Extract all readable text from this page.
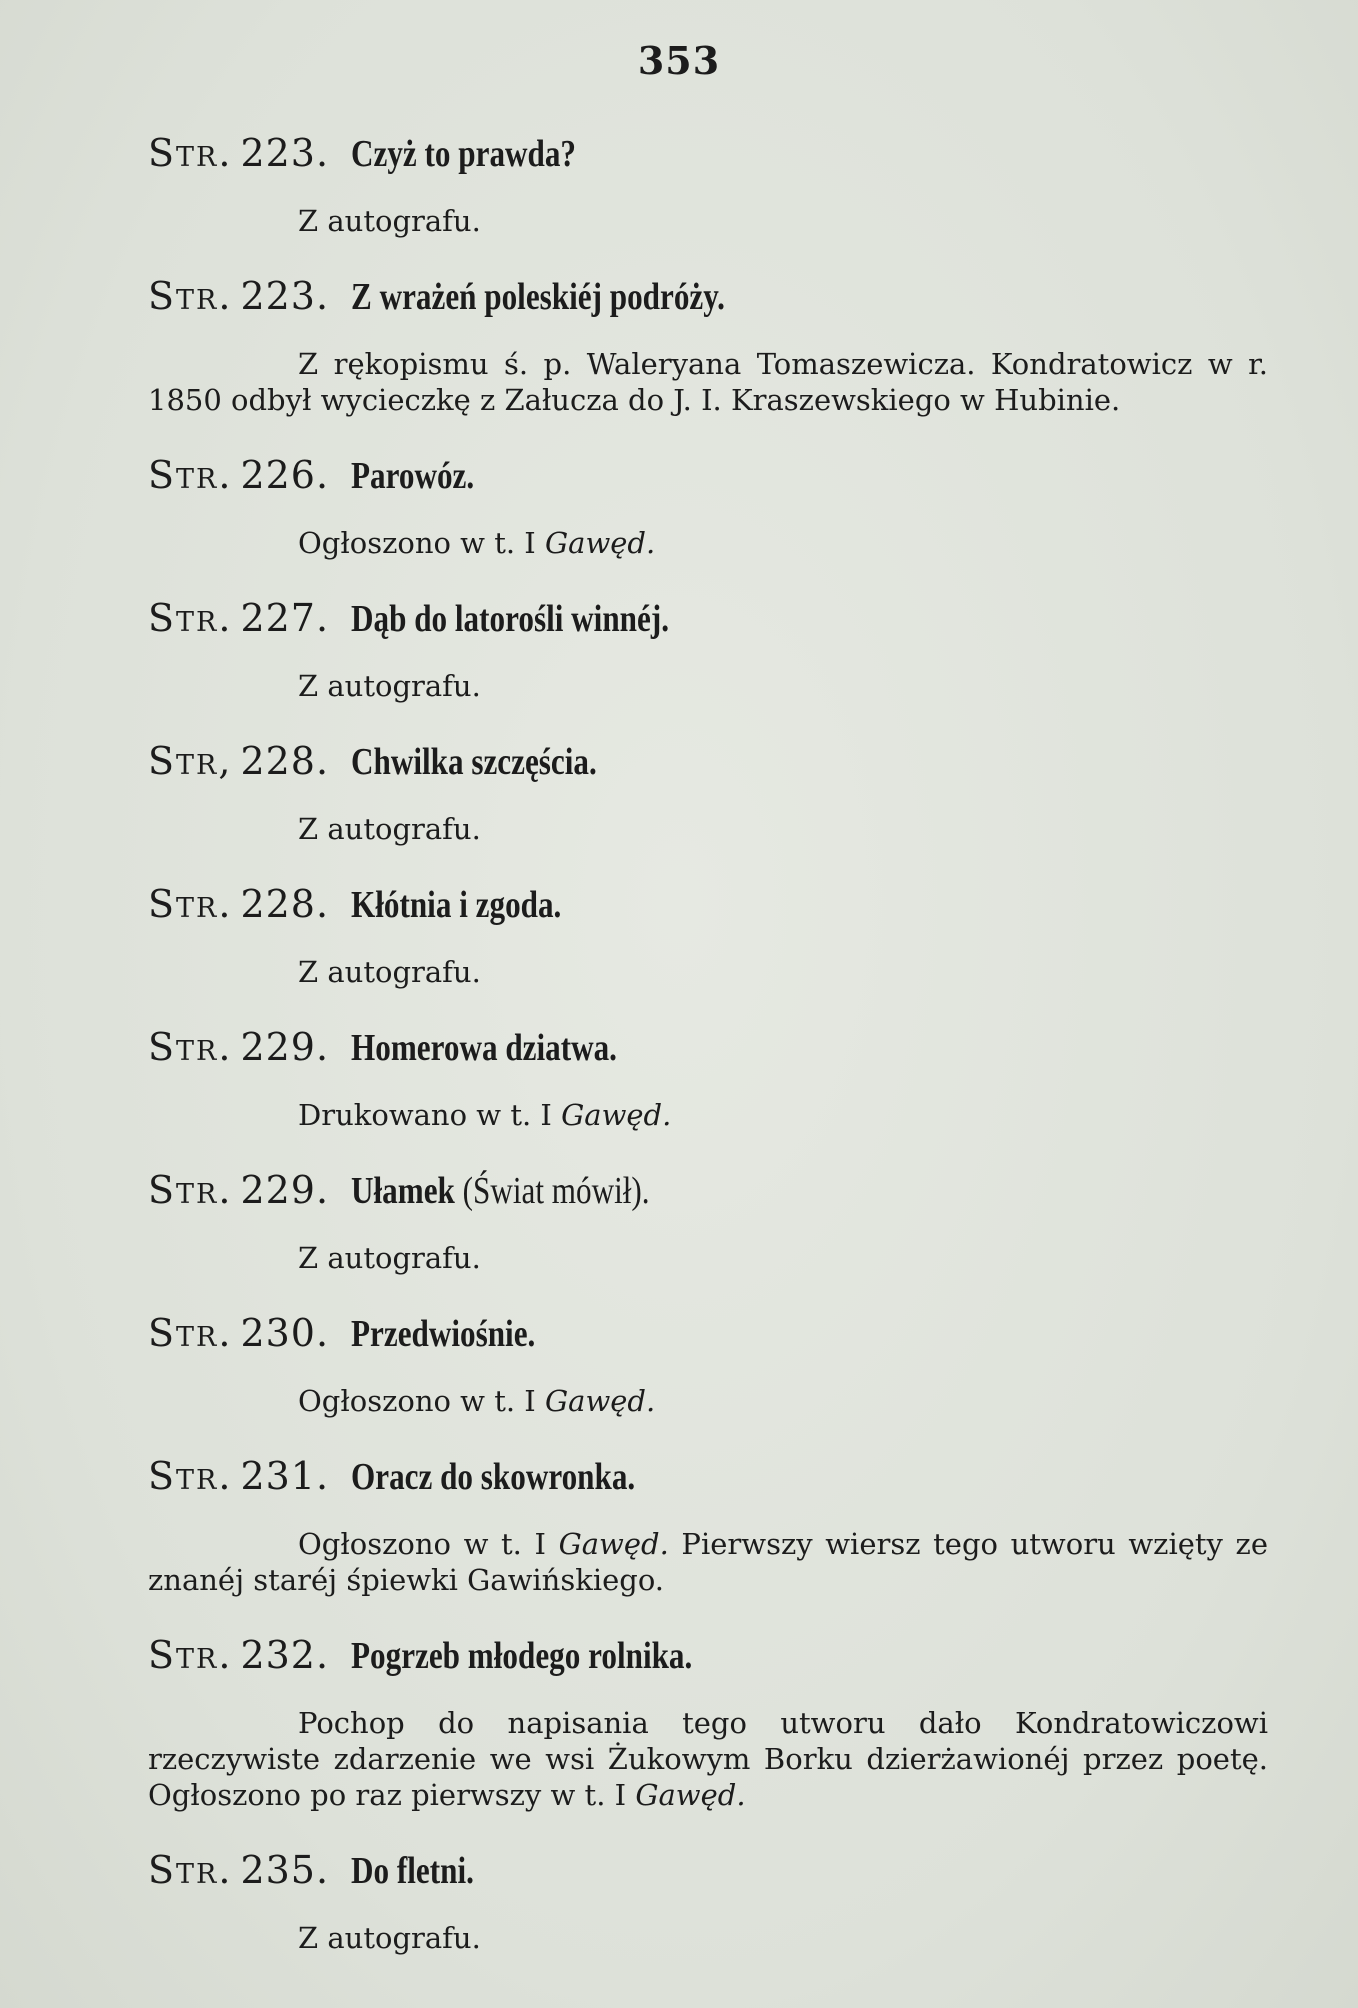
353
Str. 223. Czyż to prawda?
Z autografu.
Str. 223. Z wrażeń poleskiéj podróży.
Z rękopismu ś. p. Waleryana Tomaszewicza. Kondratowicz w r. 1850 odbył wycieczkę z Załucza do J. I. Kraszewskiego w Hubinie.
Str. 226. Parowóz.
Ogłoszono w t. I Gawęd.
Str. 227. Dąb do latorośli winnéj.
Z autografu.
Str, 228. Chwilka szczęścia.
Z autografu.
Str. 228. Kłótnia i zgoda.
Z autografu.
Str. 229. Homerowa dziatwa.
Drukowano w t. I Gawęd.
Str. 229. Ułamek (Świat mówił).
Z autografu.
Str. 230. Przedwiośnie.
Ogłoszono w t. I Gawęd.
Str. 231. Oracz do skowronka.
Ogłoszono w t. I Gawęd. Pierwszy wiersz tego utworu wzięty ze znanéj staréj śpiewki Gawińskiego.
Str. 232. Pogrzeb młodego rolnika.
Pochop do napisania tego utworu dało Kondratowiczowi rzeczywiste zdarzenie we wsi Żukowym Borku dzierżawionéj przez poetę. Ogłoszono po raz pierwszy w t. I Gawęd.
Str. 235. Do fletni.
Z autografu.
